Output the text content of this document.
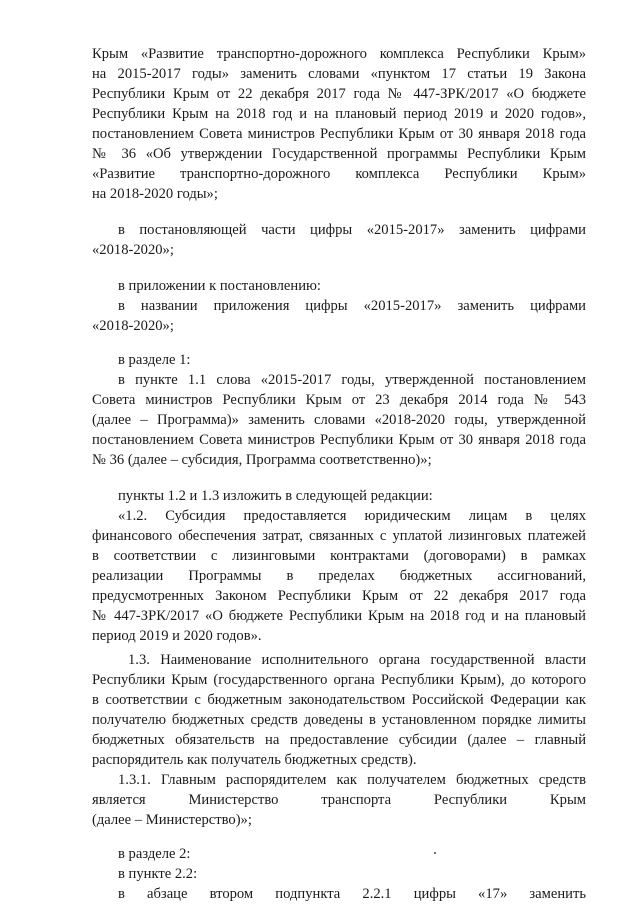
Крым «Развитие транспортно-дорожного комплекса Республики Крым»
на 2015-2017 годы» заменить словами «пунктом 17 статьи 19 Закона
Республики Крым от 22 декабря 2017 года № 447-ЗРК/2017 «О бюджете
Республики Крым на 2018 год и на плановый период 2019 и 2020 годов»,
постановлением Совета министров Республики Крым от 30 января 2018 года
№ 36 «Об утверждении Государственной программы Республики Крым
«Развитие транспортно-дорожного комплекса Республики Крым»
на 2018-2020 годы»;
в постановляющей части цифры «2015-2017» заменить цифрами
«2018-2020»;
в приложении к постановлению:
в названии приложения цифры «2015-2017» заменить цифрами
«2018-2020»;
в разделе 1:
в пункте 1.1 слова «2015-2017 годы, утвержденной постановлением
Совета министров Республики Крым от 23 декабря 2014 года № 543
(далее – Программа)» заменить словами «2018-2020 годы, утвержденной
постановлением Совета министров Республики Крым от 30 января 2018 года
№ 36 (далее – субсидия, Программа соответственно)»;
пункты 1.2 и 1.3 изложить в следующей редакции:
«1.2. Субсидия предоставляется юридическим лицам в целях
финансового обеспечения затрат, связанных с уплатой лизинговых платежей
в соответствии с лизинговыми контрактами (договорами) в рамках
реализации Программы в пределах бюджетных ассигнований,
предусмотренных Законом Республики Крым от 22 декабря 2017 года
№ 447-ЗРК/2017 «О бюджете Республики Крым на 2018 год и на плановый
период 2019 и 2020 годов».
1.3. Наименование исполнительного органа государственной власти
Республики Крым (государственного органа Республики Крым), до которого
в соответствии с бюджетным законодательством Российской Федерации как
получателю бюджетных средств доведены в установленном порядке лимиты
бюджетных обязательств на предоставление субсидии (далее – главный
распорядитель как получатель бюджетных средств).
1.3.1. Главным распорядителем как получателем бюджетных средств
является Министерство транспорта Республики Крым
(далее – Министерство)»;
в разделе 2:
в пункте 2.2:
в абзаце втором подпункта 2.2.1 цифры «17» заменить
